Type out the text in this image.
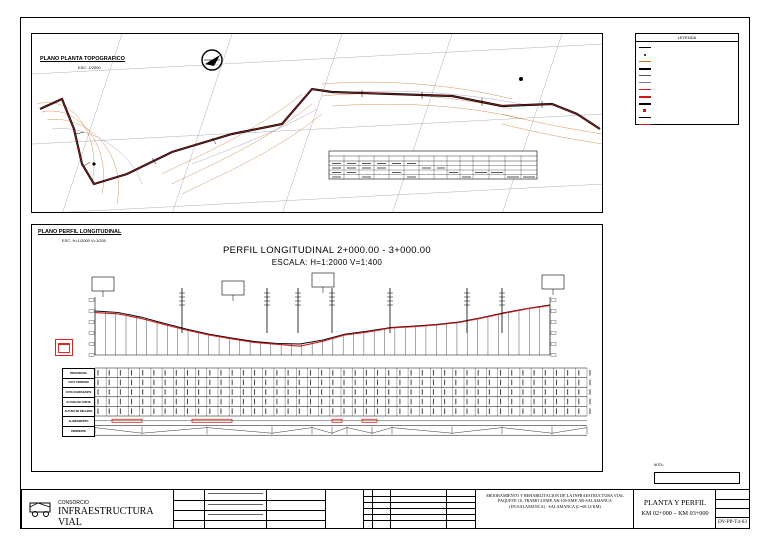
PLANO PLANTA TOPOGRAFICO
ESC. 1/2000
LEYENDA
PLANO PERFIL LONGITUDINAL
ESC. H=1/2000 V=1/200
PERFIL LONGITUDINAL 2+000.00 - 3+000.00
ESCALA: H=1:2000 V=1:400
PROGRESIVA
COTA TERRENO
COTA SUBRASANTE
ALTURA DE CORTE
ALTURA DE RELLENO
ALINEAMIENTO
PENDIENTE
NOTA :
CONSORCIO
INFRAESTRUCTURA VIAL
MEJORAMIENTO Y REHABILITACION DE LA INFRAESTRUCTURA VIAL PAQUETE 16, TRAMO 4 EMP. AR-105-EMP. AR-SALAMANCA (DV.SALAMANCA) - SALAMANCA (L=69.14 KM)	PLANTA Y PERFIL
KM 02+000 – KM 03+000
DV-PP-T4-03
